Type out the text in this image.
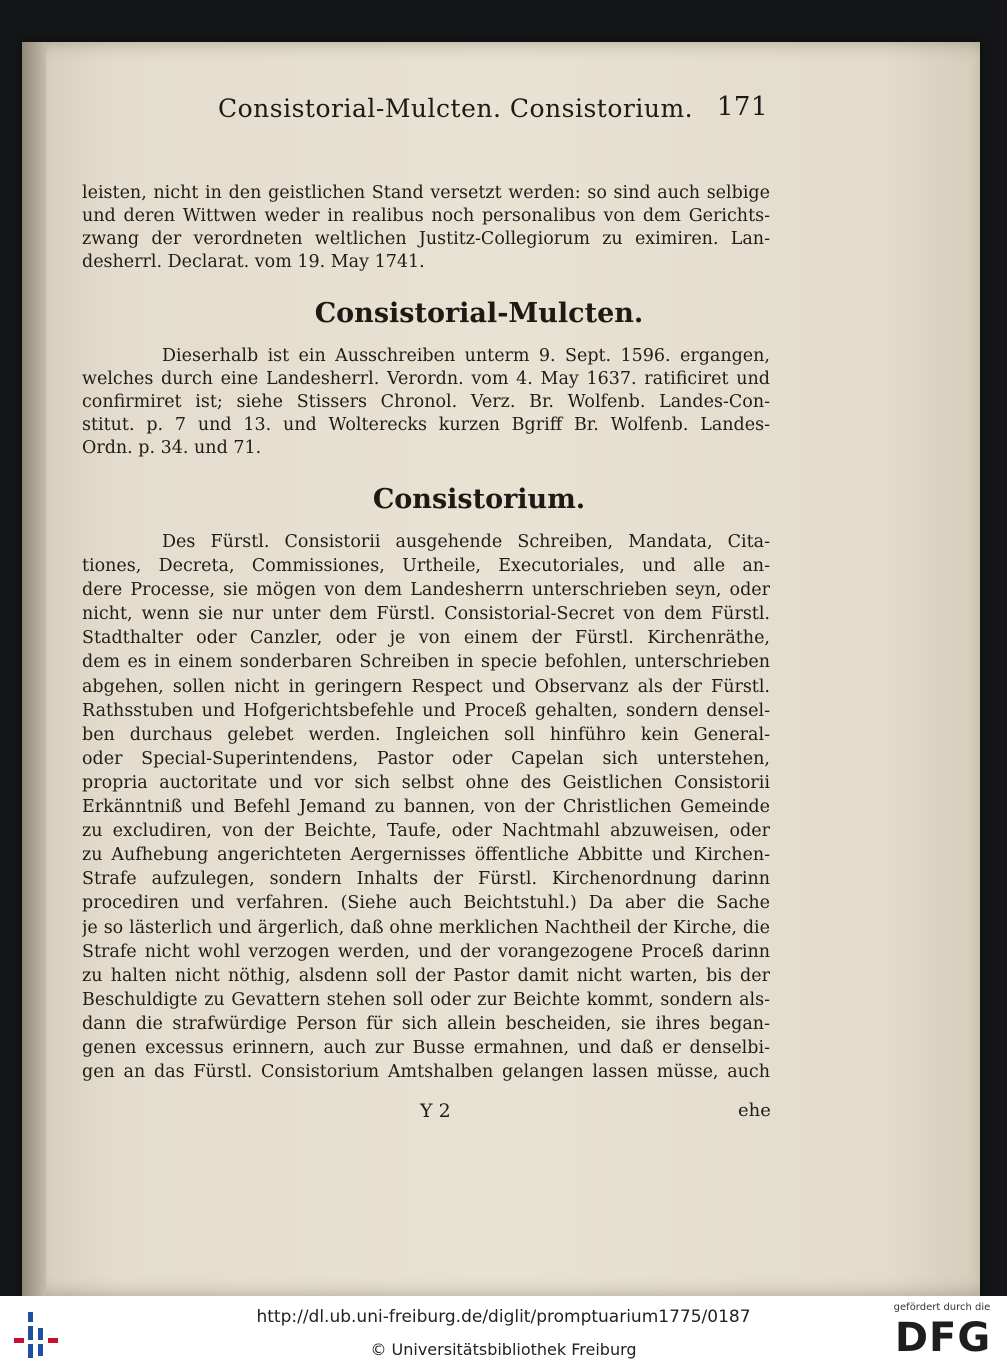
Consistorial-Mulcten. Consistorium. 171
leisten, nicht in den geistlichen Stand versetzt werden: so sind auch selbige
und deren Wittwen weder in realibus noch personalibus von dem Gerichts-
zwang der verordneten weltlichen Justitz-Collegiorum zu eximiren. Lan-
desherrl. Declarat. vom 19. May 1741.
Consistorial-Mulcten.
Dieserhalb ist ein Ausschreiben unterm 9. Sept. 1596. ergangen,
welches durch eine Landesherrl. Verordn. vom 4. May 1637. ratificiret und
confirmiret ist; siehe Stissers Chronol. Verz. Br. Wolfenb. Landes-Con-
stitut. p. 7 und 13. und Wolterecks kurzen Bgriff Br. Wolfenb. Landes-
Ordn. p. 34. und 71.
Consistorium.
Des Fürstl. Consistorii ausgehende Schreiben, Mandata, Cita-
tiones, Decreta, Commissiones, Urtheile, Executoriales, und alle an-
dere Processe, sie mögen von dem Landesherrn unterschrieben seyn, oder
nicht, wenn sie nur unter dem Fürstl. Consistorial-Secret von dem Fürstl.
Stadthalter oder Canzler, oder je von einem der Fürstl. Kirchenräthe,
dem es in einem sonderbaren Schreiben in specie befohlen, unterschrieben
abgehen, sollen nicht in geringern Respect und Observanz als der Fürstl.
Rathsstuben und Hofgerichtsbefehle und Proceß gehalten, sondern densel-
ben durchaus gelebet werden. Ingleichen soll hinführo kein General-
oder Special-Superintendens, Pastor oder Capelan sich unterstehen,
propria auctoritate und vor sich selbst ohne des Geistlichen Consistorii
Erkänntniß und Befehl Jemand zu bannen, von der Christlichen Gemeinde
zu excludiren, von der Beichte, Taufe, oder Nachtmahl abzuweisen, oder
zu Aufhebung angerichteten Aergernisses öffentliche Abbitte und Kirchen-
Strafe aufzulegen, sondern Inhalts der Fürstl. Kirchenordnung darinn
procediren und verfahren. (Siehe auch Beichtstuhl.) Da aber die Sache
je so lästerlich und ärgerlich, daß ohne merklichen Nachtheil der Kirche, die
Strafe nicht wohl verzogen werden, und der vorangezogene Proceß darinn
zu halten nicht nöthig, alsdenn soll der Pastor damit nicht warten, bis der
Beschuldigte zu Gevattern stehen soll oder zur Beichte kommt, sondern als-
dann die strafwürdige Person für sich allein bescheiden, sie ihres began-
genen excessus erinnern, auch zur Busse ermahnen, und daß er denselbi-
gen an das Fürstl. Consistorium Amtshalben gelangen lassen müsse, auch
Y 2	ehe
http://dl.ub.uni-freiburg.de/diglit/promptuarium1775/0187
© Universitätsbibliothek Freiburg
gefördert durch die
DFG
